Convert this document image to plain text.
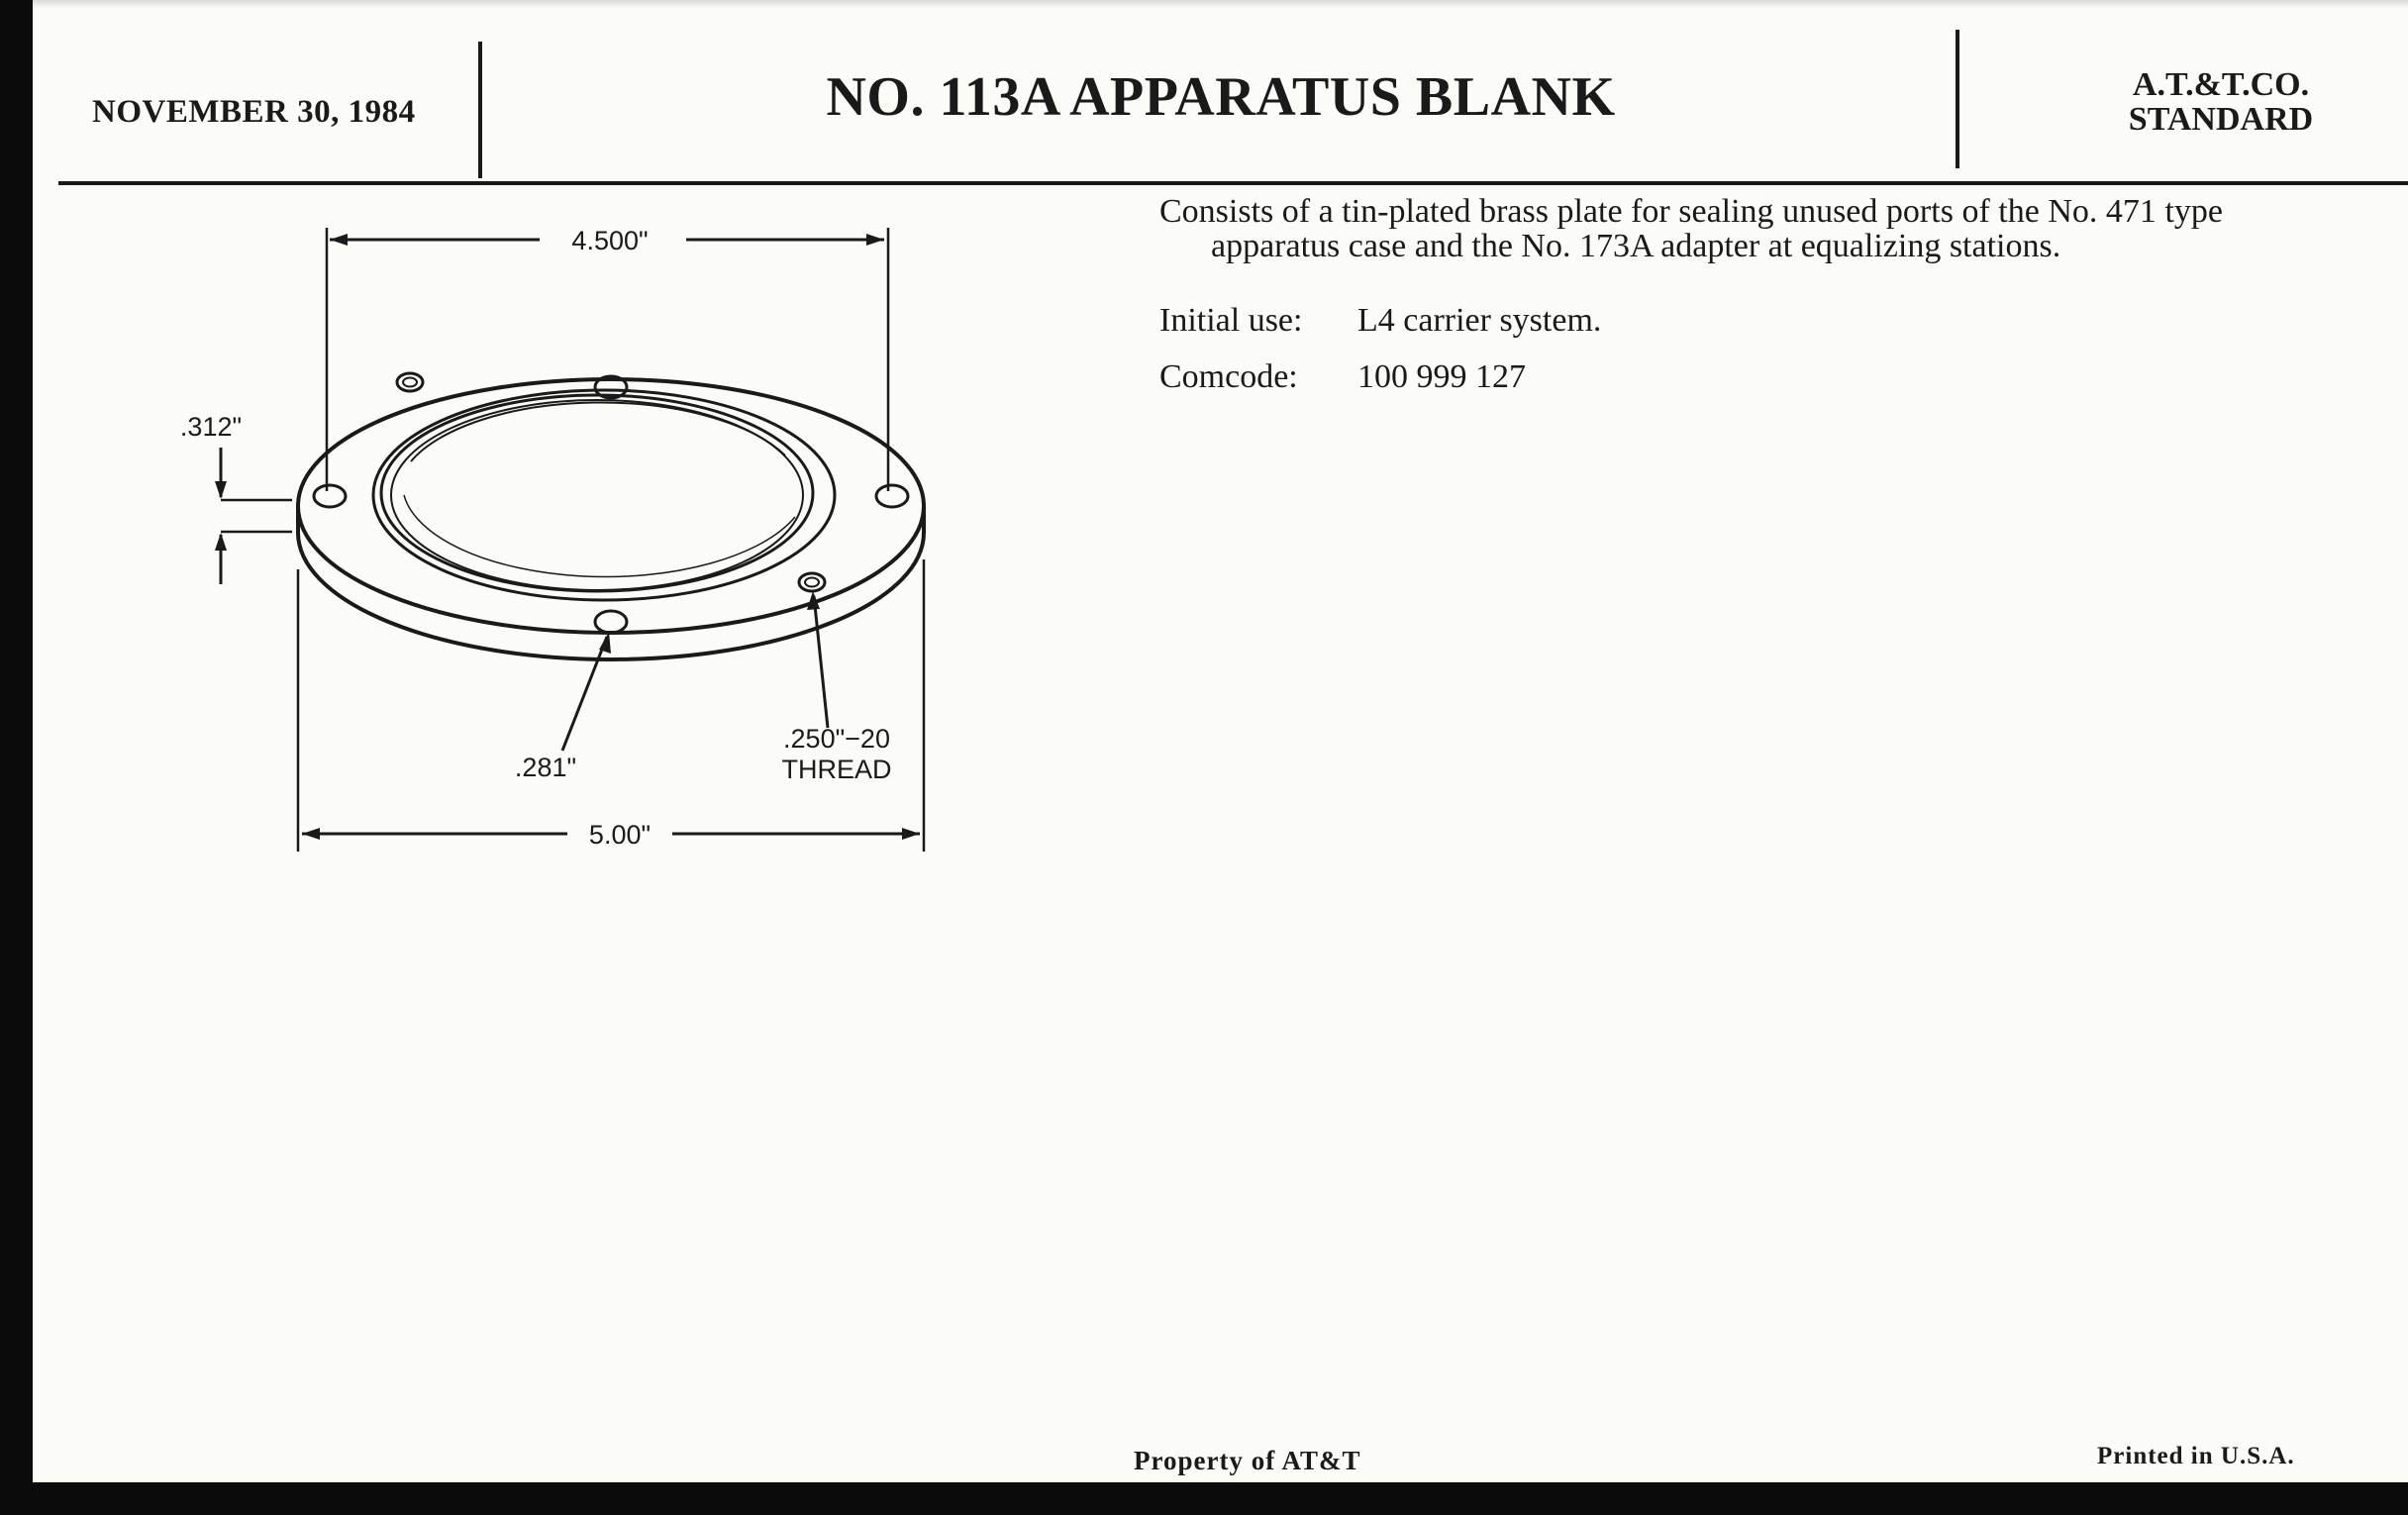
NOVEMBER 30, 1984	NO. 113A APPARATUS BLANK	A.T.&T.CO.
STANDARD
4.500"
.312"
5.00"
.281"
.250"−20
THREAD
Consists of a tin-plated brass plate for sealing unused ports of the No. 471 type apparatus case and the No. 173A adapter at equalizing stations.
Initial use: L4 carrier system.
Comcode: 100 999 127
Property of AT&T	Printed in U.S.A.
